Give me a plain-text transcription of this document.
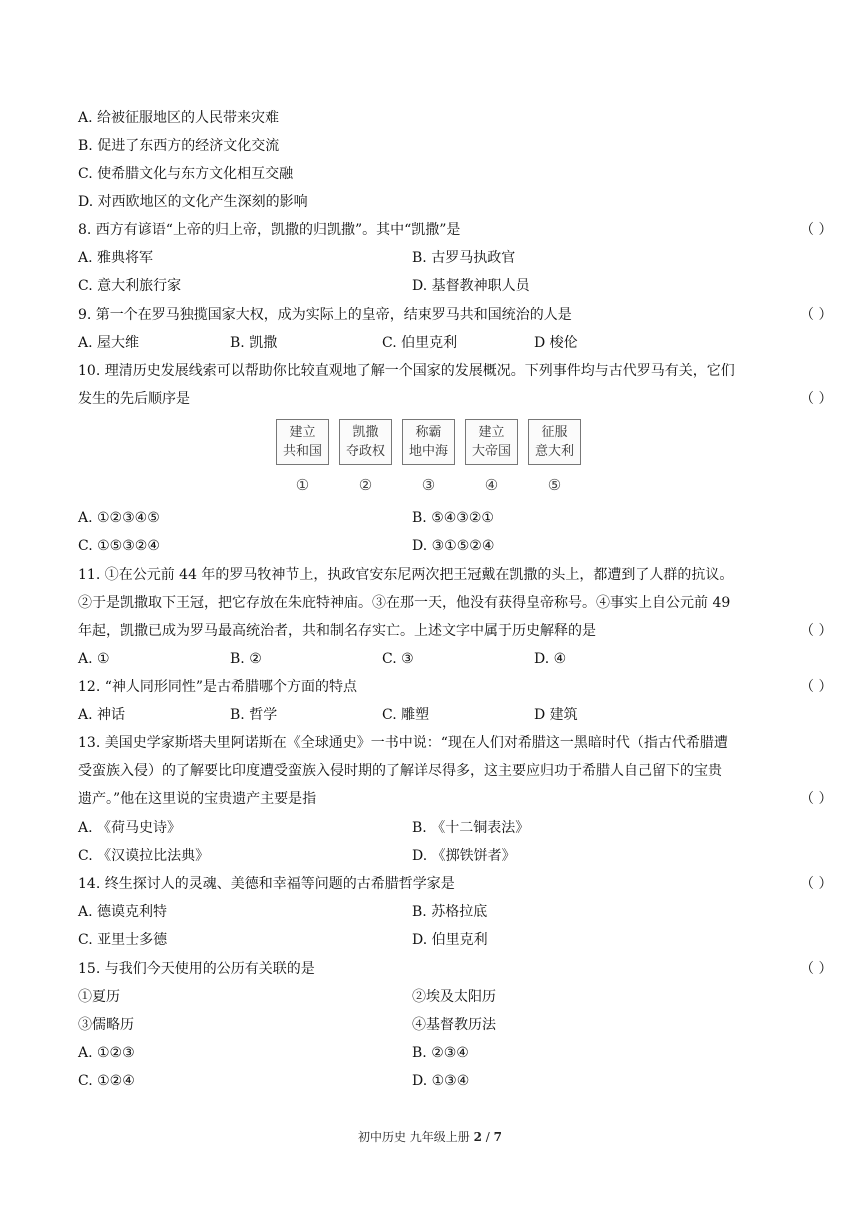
A. 给被征服地区的人民带来灾难
B. 促进了东西方的经济文化交流
C. 使希腊文化与东方文化相互交融
D. 对西欧地区的文化产生深刻的影响
8. 西方有谚语“上帝的归上帝，凯撒的归凯撒”。其中“凯撒”是	（ ）
A. 雅典将军	B. 古罗马执政官
C. 意大利旅行家	D. 基督教神职人员
9. 第一个在罗马独揽国家大权，成为实际上的皇帝，结束罗马共和国统治的人是	（ ）
A. 屋大维	B. 凯撒	C. 伯里克利	D 梭伦
10. 理清历史发展线索可以帮助你比较直观地了解一个国家的发展概况。下列事件均与古代罗马有关，它们
发生的先后顺序是	（ ）
建立
共和国
①
凯撒
夺政权
②
称霸
地中海
③
建立
大帝国
④
征服
意大利
⑤
A. ①②③④⑤	B. ⑤④③②①
C. ①⑤③②④	D. ③①⑤②④
11. ①在公元前 44 年的罗马牧神节上，执政官安东尼两次把王冠戴在凯撒的头上，都遭到了人群的抗议。
②于是凯撒取下王冠，把它存放在朱庇特神庙。③在那一天，他没有获得皇帝称号。④事实上自公元前 49
年起，凯撒已成为罗马最高统治者，共和制名存实亡。上述文字中属于历史解释的是	（ ）
A. ①	B. ②	C. ③	D. ④
12. “神人同形同性”是古希腊哪个方面的特点	（ ）
A. 神话	B. 哲学	C. 雕塑	D 建筑
13. 美国史学家斯塔夫里阿诺斯在《全球通史》一书中说：“现在人们对希腊这一黑暗时代（指古代希腊遭
受蛮族入侵）的了解要比印度遭受蛮族入侵时期的了解详尽得多，这主要应归功于希腊人自己留下的宝贵
遗产。”他在这里说的宝贵遗产主要是指	（ ）
A. 《荷马史诗》	B. 《十二铜表法》
C. 《汉谟拉比法典》	D. 《掷铁饼者》
14. 终生探讨人的灵魂、美德和幸福等问题的古希腊哲学家是	（ ）
A. 德谟克利特	B. 苏格拉底
C. 亚里士多德	D. 伯里克利
15. 与我们今天使用的公历有关联的是	（ ）
①夏历	②埃及太阳历
③儒略历	④基督教历法
A. ①②③	B. ②③④
C. ①②④	D. ①③④
初中历史 九年级上册 2 / 7
